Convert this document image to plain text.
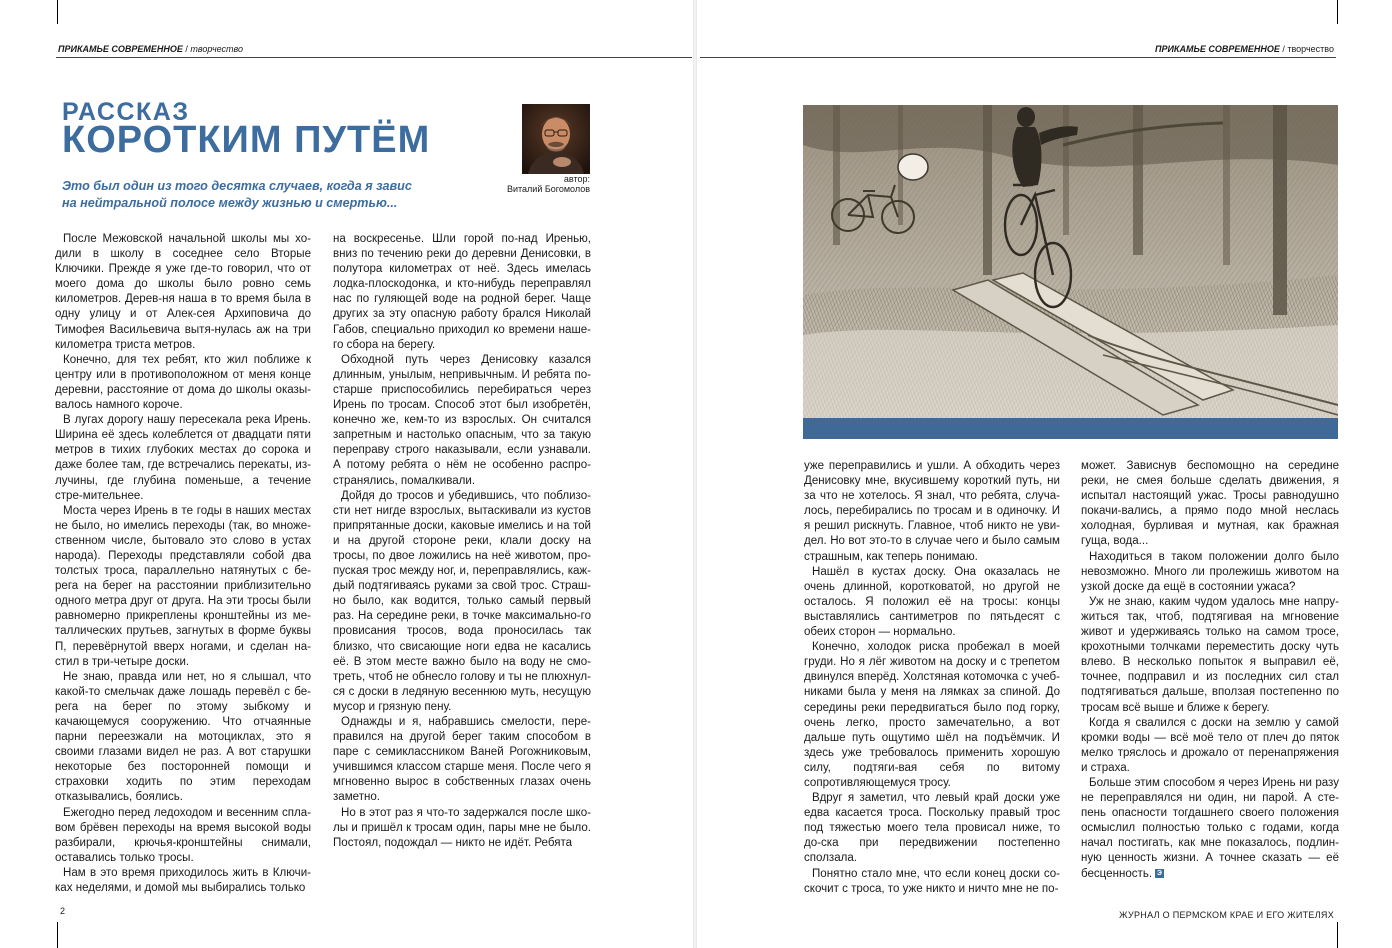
ПРИКАМЬЕ СОВРЕМЕННОЕ / творчество	ПРИКАМЬЕ СОВРЕМЕННОЕ / творчество
РАССКАЗ
КОРОТКИМ ПУТЁМ
Это был один из того десятка случаев, когда я завис на нейтральной полосе между жизнью и смертью...
автор:
Виталий Богомолов

После Межовской начальной школы мы хо-дили в школу в соседнее село Вторые Ключики. Прежде я уже где-то говорил, что от моего дома до школы было ровно семь километров. Дерев-ня наша в то время была в одну улицу и от Алек-сея Архиповича до Тимофея Васильевича вытя-нулась аж на три километра триста метров.

Конечно, для тех ребят, кто жил поближе к центру или в противоположном от меня конце деревни, расстояние от дома до школы оказы-валось намного короче.

В лугах дорогу нашу пересекала река Ирень. Ширина её здесь колеблется от двадцати пяти метров в тихих глубоких местах до сорока и даже более там, где встречались перекаты, из-лучины, где глубина поменьше, а течение стре-мительнее.

Моста через Ирень в те годы в наших местах не было, но имелись переходы (так, во множе-ственном числе, бытовало это слово в устах народа). Переходы представляли собой два толстых троса, параллельно натянутых с бе-рега на берег на расстоянии приблизительно одного метра друг от друга. На эти тросы были равномерно прикреплены кронштейны из ме-таллических прутьев, загнутых в форме буквы П, перевёрнутой вверх ногами, и сделан на-стил в три-четыре доски.

Не знаю, правда или нет, но я слышал, что какой-то смельчак даже лошадь перевёл с бе-рега на берег по этому зыбкому и качающемуся сооружению. Что отчаянные парни переезжали на мотоциклах, это я своими глазами видел не раз. А вот старушки некоторые без посторонней помощи и страховки ходить по этим переходам отказывались, боялись.

Ежегодно перед ледоходом и весенним спла-вом брёвен переходы на время высокой воды разбирали, крючья-кронштейны снимали, оставались только тросы.

Нам в это время приходилось жить в Ключи-ках неделями, и домой мы выбирались только

на воскресенье. Шли горой по-над Иренью, вниз по течению реки до деревни Денисовки, в полутора километрах от неё. Здесь имелась лодка-плоскодонка, и кто-нибудь переправлял нас по гуляющей воде на родной берег. Чаще других за эту опасную работу брался Николай Габов, специально приходил ко времени наше-го сбора на берегу.

Обходной путь через Денисовку казался длинным, унылым, непривычным. И ребята по-старше приспособились перебираться через Ирень по тросам. Способ этот был изобретён, конечно же, кем-то из взрослых. Он считался запретным и настолько опасным, что за такую переправу строго наказывали, если узнавали. А потому ребята о нём не особенно распро-странялись, помалкивали.

Дойдя до тросов и убедившись, что поблизо-сти нет нигде взрослых, вытаскивали из кустов припрятанные доски, каковые имелись и на той и на другой стороне реки, клали доску на тросы, по двое ложились на неё животом, про-пуская трос между ног, и, переправлялись, каж-дый подтягиваясь руками за свой трос. Страш-но было, как водится, только самый первый раз. На середине реки, в точке максимально-го провисания тросов, вода проносилась так близко, что свисающие ноги едва не касались её. В этом месте важно было на воду не смо-треть, чтоб не обнесло голову и ты не плюхнул-ся с доски в ледяную весеннюю муть, несущую мусор и грязную пену.

Однажды и я, набравшись смелости, пере-правился на другой берег таким способом в паре с семиклассником Ваней Рогожниковым, учившимся классом старше меня. После чего я мгновенно вырос в собственных глазах очень заметно.

Но в этот раз я что-то задержался после шко-лы и пришёл к тросам один, пары мне не было. Постоял, подождал — никто не идёт. Ребята

уже переправились и ушли. А обходить через Денисовку мне, вкусившему короткий путь, ни за что не хотелось. Я знал, что ребята, случа-лось, перебирались по тросам и в одиночку. И я решил рискнуть. Главное, чтоб никто не уви-дел. Но вот это-то в случае чего и было самым страшным, как теперь понимаю.

Нашёл в кустах доску. Она оказалась не очень длинной, коротковатой, но другой не осталось. Я положил её на тросы: концы выставлялись сантиметров по пятьдесят с обеих сторон — нормально.

Конечно, холодок риска пробежал в моей груди. Но я лёг животом на доску и с трепетом двинулся вперёд. Холстяная котомочка с учеб-никами была у меня на лямках за спиной. До середины реки передвигаться было под горку, очень легко, просто замечательно, а вот дальше путь ощутимо шёл на подъёмчик. И здесь уже требовалось применить хорошую силу, подтяги-вая себя по витому сопротивляющемуся тросу.

Вдруг я заметил, что левый край доски уже едва касается троса. Поскольку правый трос под тяжестью моего тела провисал ниже, то до-ска при передвижении постепенно сползала.

Понятно стало мне, что если конец доски со-скочит с троса, то уже никто и ничто мне не по-

может. Зависнув беспомощно на середине реки, не смея больше сделать движения, я испытал настоящий ужас. Тросы равнодушно покачи-вались, а прямо подо мной неслась холодная, бурливая и мутная, как бражная гуща, вода...

Находиться в таком положении долго было невозможно. Много ли пролежишь животом на узкой доске да ещё в состоянии ужаса?

Уж не знаю, каким чудом удалось мне напру-житься так, чтоб, подтягивая на мгновение живот и удерживаясь только на самом тросе, крохотными толчками переместить доску чуть влево. В несколько попыток я выправил её, точнее, подправил и из последних сил стал подтягиваться дальше, вползая постепенно по тросам всё выше и ближе к берегу.

Когда я свалился с доски на землю у самой кромки воды — всё моё тело от плеч до пяток мелко тряслось и дрожало от перенапряжения и страха.

Больше этим способом я через Ирень ни разу не переправлялся ни один, ни парой. А сте-пень опасности тогдашнего своего положения осмыслил полностью только с годами, когда начал постигать, как мне показалось, подлин-ную ценность жизни. А точнее сказать — её бесценность. Э

2	ЖУРНАЛ О ПЕРМСКОМ КРАЕ И ЕГО ЖИТЕЛЯХ
